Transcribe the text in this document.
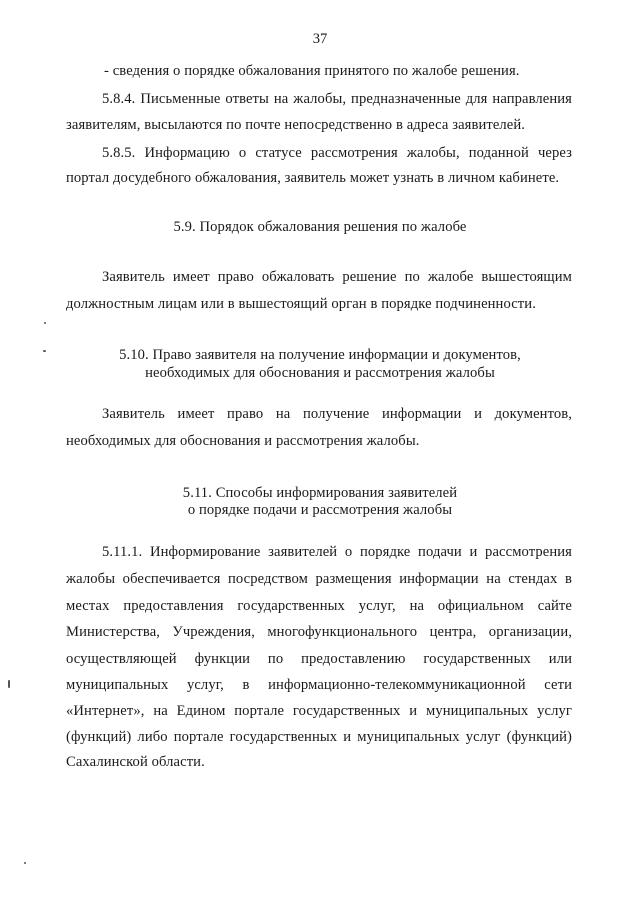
37
- сведения о порядке обжалования принятого по жалобе решения.
5.8.4. Письменные ответы на жалобы, предназначенные для направления
заявителям, высылаются по почте непосредственно в адреса заявителей.
5.8.5. Информацию о статусе рассмотрения жалобы, поданной через
портал досудебного обжалования, заявитель может узнать в личном кабинете.
5.9. Порядок обжалования решения по жалобе
Заявитель имеет право обжаловать решение по жалобе вышестоящим
должностным лицам или в вышестоящий орган в порядке подчиненности.
5.10. Право заявителя на получение информации и документов,
необходимых для обоснования и рассмотрения жалобы
Заявитель имеет право на получение информации и документов,
необходимых для обоснования и рассмотрения жалобы.
5.11. Способы информирования заявителей
о порядке подачи и рассмотрения жалобы
5.11.1. Информирование заявителей о порядке подачи и рассмотрения
жалобы обеспечивается посредством размещения информации на стендах в
местах предоставления государственных услуг, на официальном сайте
Министерства, Учреждения, многофункционального центра, организации,
осуществляющей функции по предоставлению государственных или
муниципальных услуг, в информационно-телекоммуникационной сети
«Интернет», на Едином портале государственных и муниципальных услуг
(функций) либо портале государственных и муниципальных услуг (функций)
Сахалинской области.
